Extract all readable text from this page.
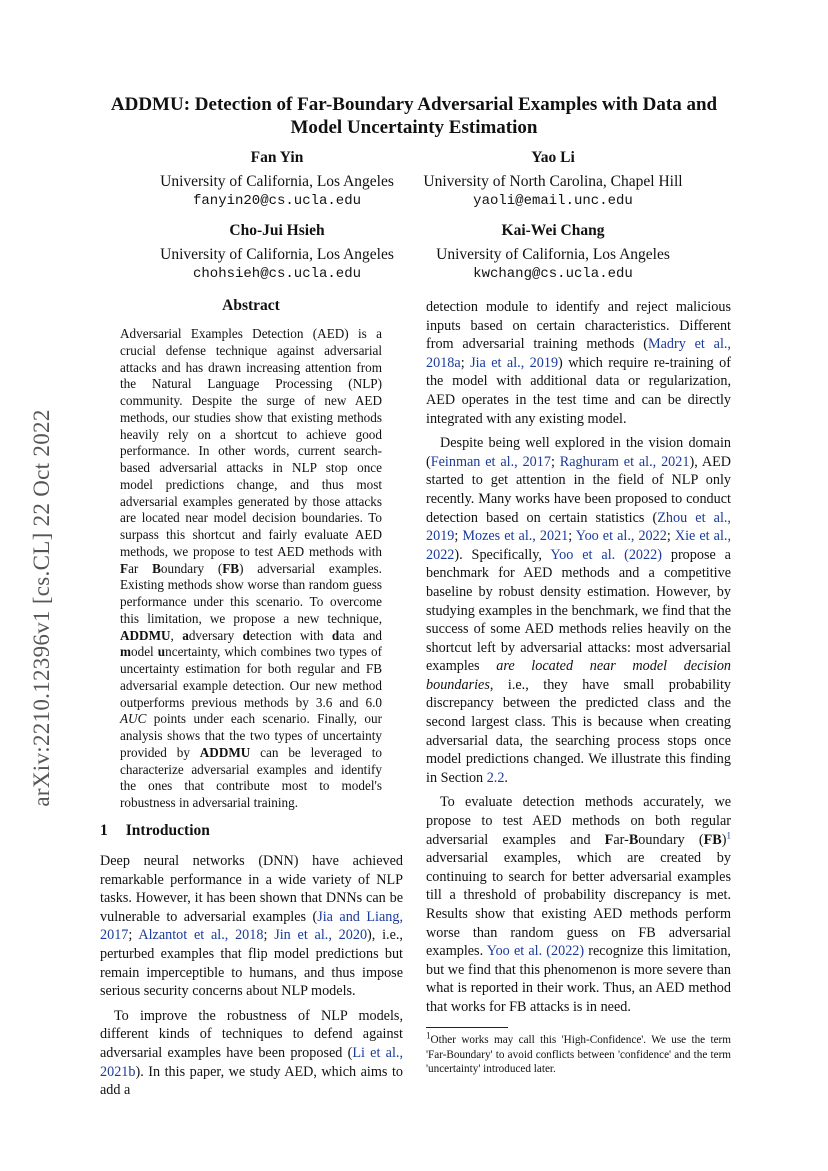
arXiv:2210.12396v1 [cs.CL] 22 Oct 2022
ADDMU: Detection of Far-Boundary Adversarial Examples with Data and Model Uncertainty Estimation
Fan Yin
University of California, Los Angeles
fanyin20@cs.ucla.edu
Yao Li
University of North Carolina, Chapel Hill
yaoli@email.unc.edu
Cho-Jui Hsieh
University of California, Los Angeles
chohsieh@cs.ucla.edu
Kai-Wei Chang
University of California, Los Angeles
kwchang@cs.ucla.edu
Abstract

Adversarial Examples Detection (AED) is a crucial defense technique against adversarial attacks and has drawn increasing attention from the Natural Language Processing (NLP) community. Despite the surge of new AED methods, our studies show that existing methods heavily rely on a shortcut to achieve good performance. In other words, current search-based adversarial attacks in NLP stop once model predictions change, and thus most adversarial examples generated by those attacks are located near model decision boundaries. To surpass this shortcut and fairly evaluate AED methods, we propose to test AED methods with Far Boundary (FB) adversarial examples. Existing methods show worse than random guess performance under this scenario. To overcome this limitation, we propose a new technique, ADDMU, adversary detection with data and model uncertainty, which combines two types of uncertainty estimation for both regular and FB adversarial example detection. Our new method outperforms previous methods by 3.6 and 6.0 AUC points under each scenario. Finally, our analysis shows that the two types of uncertainty provided by ADDMU can be leveraged to characterize adversarial examples and identify the ones that contribute most to model's robustness in adversarial training.

1 Introduction

Deep neural networks (DNN) have achieved remarkable performance in a wide variety of NLP tasks. However, it has been shown that DNNs can be vulnerable to adversarial examples (Jia and Liang, 2017; Alzantot et al., 2018; Jin et al., 2020), i.e., perturbed examples that flip model predictions but remain imperceptible to humans, and thus impose serious security concerns about NLP models.

To improve the robustness of NLP models, different kinds of techniques to defend against adversarial examples have been proposed (Li et al., 2021b). In this paper, we study AED, which aims to add a

detection module to identify and reject malicious inputs based on certain characteristics. Different from adversarial training methods (Madry et al., 2018a; Jia et al., 2019) which require re-training of the model with additional data or regularization, AED operates in the test time and can be directly integrated with any existing model.

Despite being well explored in the vision domain (Feinman et al., 2017; Raghuram et al., 2021), AED started to get attention in the field of NLP only recently. Many works have been proposed to conduct detection based on certain statistics (Zhou et al., 2019; Mozes et al., 2021; Yoo et al., 2022; Xie et al., 2022). Specifically, Yoo et al. (2022) propose a benchmark for AED methods and a competitive baseline by robust density estimation. However, by studying examples in the benchmark, we find that the success of some AED methods relies heavily on the shortcut left by adversarial attacks: most adversarial examples are located near model decision boundaries, i.e., they have small probability discrepancy between the predicted class and the second largest class. This is because when creating adversarial data, the searching process stops once model predictions changed. We illustrate this finding in Section 2.2.

To evaluate detection methods accurately, we propose to test AED methods on both regular adversarial examples and Far-Boundary (FB)$^1$ adversarial examples, which are created by continuing to search for better adversarial examples till a threshold of probability discrepancy is met. Results show that existing AED methods perform worse than random guess on FB adversarial examples. Yoo et al. (2022) recognize this limitation, but we find that this phenomenon is more severe than what is reported in their work. Thus, an AED method that works for FB attacks is in need.

$^1$Other works may call this 'High-Confidence'. We use the term 'Far-Boundary' to avoid conflicts between 'confidence' and the term 'uncertainty' introduced later.
